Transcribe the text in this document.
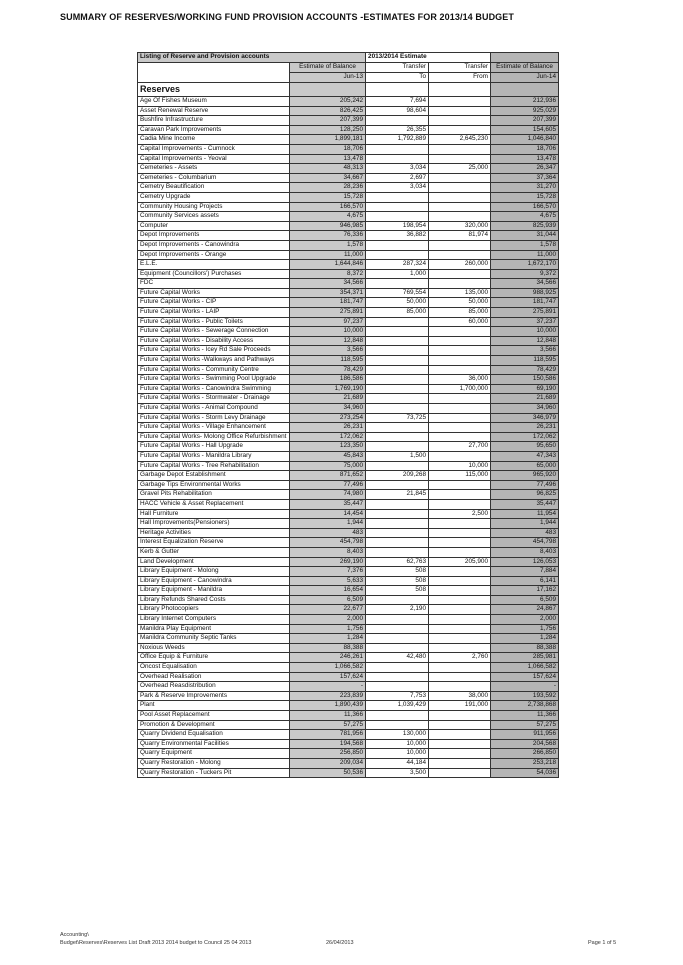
SUMMARY OF RESERVES/WORKING FUND PROVISION ACCOUNTS -ESTIMATES FOR 2013/14 BUDGET
Listing of Reserve and Provision accounts		2013/2014 Estimate		
	Estimate of Balance	Transfer	Transfer	Estimate of Balance
	Jun-13	To	From	Jun-14
Reserves				
Age Of Fishes Museum	205,242	7,694		212,936
Asset Renewal Reserve	826,425	98,604		925,029
Bushfire Infrastructure	207,399			207,399
Caravan Park Improvements	128,250	26,355		154,605
Cadia Mine Income	1,899,181	1,792,889	2,645,230	1,046,840
Capital Improvements - Cumnock	18,706			18,706
Capital Improvements - Yeoval	13,478			13,478
Cemeteries - Assets	48,313	3,034	25,000	26,347
Cemeteries - Columbarium	34,667	2,697		37,364
Cemetry Beautification	28,236	3,034		31,270
Cemetry Upgrade	15,728			15,728
Community Housing Projects	166,570			166,570
Community Services assets	4,675			4,675
Computer	946,985	198,954	320,000	825,939
Depot Improvements	76,336	36,882	81,974	31,044
Depot Improvements - Canowindra	1,578			1,578
Depot Improvements - Orange	11,000			11,000
E.L.E.	1,644,846	287,324	260,000	1,672,170
Equipment (Councillors') Purchases	8,372	1,000		9,372
FDC	34,566			34,566
Future Capital Works	354,371	769,554	135,000	988,925
Future Capital Works - CIP	181,747	50,000	50,000	181,747
Future Capital Works - LAIP	275,891	85,000	85,000	275,891
Future Capital Works - Public Toilets	97,237		60,000	37,237
Future Capital Works - Sewerage Connection	10,000			10,000
Future Capital Works - Disability Access	12,848			12,848
Future Capital Works - Icey Rd Sale Proceeds	3,566			3,566
Future Capital Works -Walkways and Pathways	118,595			118,595
Future Capital Works - Community Centre	78,429			78,429
Future Capital Works - Swimming Pool Upgrade	186,586		36,000	150,586
Future Capital Works - Canowindra Swimming	1,769,190		1,700,000	69,190
Future Capital Works - Stormwater - Drainage	21,689			21,689
Future Capital Works - Animal Compound	34,960			34,960
Future Capital Works - Storm Levy Drainage	273,254	73,725		346,979
Future Capital Works - Village Enhancement	26,231			26,231
Future Capital Works- Molong Office Refurbishment	172,062			172,062
Future Capital Works - Hall Upgrade	123,350		27,700	95,650
Future Capital Works - Manildra Library	45,843	1,500		47,343
Future Capital Works - Tree Rehabilitation	75,000		10,000	65,000
Garbage Depot Establishment	871,652	209,268	115,000	965,920
Garbage Tips Environmental Works	77,496			77,496
Gravel Pits Rehabilitation	74,980	21,845		96,825
HACC Vehicle & Asset Replacement	35,447			35,447
Hall Furniture	14,454		2,500	11,954
Hall Improvements(Pensioners)	1,944			1,944
Heritage Activities	483			483
Interest Equalization Reserve	454,798			454,798
Kerb & Gutter	8,403			8,403
Land Development	269,190	62,763	205,900	126,053
Library Equipment - Molong	7,376	508		7,884
Library Equipment - Canowindra	5,633	508		6,141
Library Equipment - Manildra	16,654	508		17,162
Library Refunds Shared Costs	6,509			6,509
Library Photocopiers	22,677	2,190		24,867
Library Internet Computers	2,000			2,000
Manildra Play Equipment	1,756			1,756
Manildra Community Septic Tanks	1,284			1,284
Noxious Weeds	88,388			88,388
Office Equip & Furniture	246,261	42,480	2,760	285,981
Oncost Equalisation	1,066,582			1,066,582
Overhead Realisation	157,624			157,624
Overhead Reasdistribution	-			-
Park & Reserve Improvements	223,839	7,753	38,000	193,592
Plant	1,890,439	1,039,429	191,000	2,738,868
Pool Asset Replacement	11,366			11,366
Promotion & Development	57,275			57,275
Quarry Dividend Equalisation	781,956	130,000		911,956
Quarry Environmental Facilities	194,568	10,000		204,568
Quarry Equipment	256,850	10,000		266,850
Quarry Restoration - Molong	209,034	44,184		253,218
Quarry Restoration - Tuckers Pit	50,536	3,500		54,036
Accounting\
Budget\Reserves\Reserves List Draft 2013 2014 budget to Council 25 04 2013	26/04/2013	Page 1 of 5
